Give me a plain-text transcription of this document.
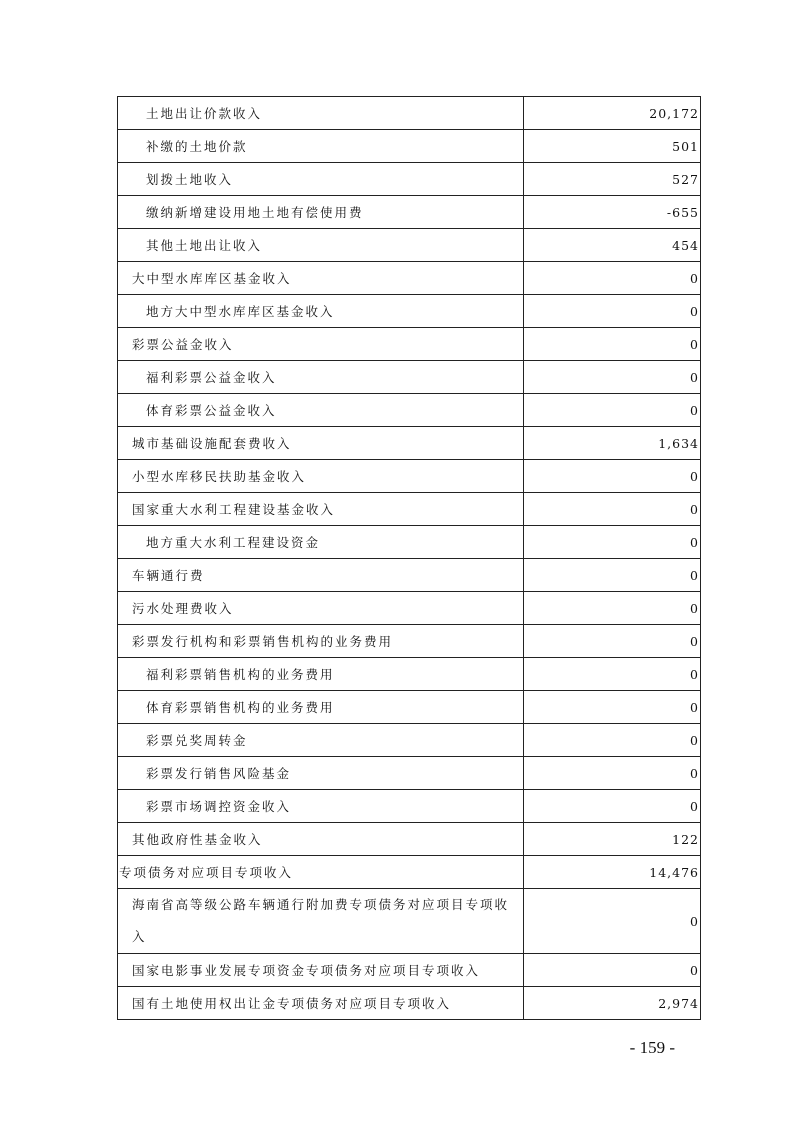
土地出让价款收入	20,172
补缴的土地价款	501
划拨土地收入	527
缴纳新增建设用地土地有偿使用费	-655
其他土地出让收入	454
大中型水库库区基金收入	0
地方大中型水库库区基金收入	0
彩票公益金收入	0
福利彩票公益金收入	0
体育彩票公益金收入	0
城市基础设施配套费收入	1,634
小型水库移民扶助基金收入	0
国家重大水利工程建设基金收入	0
地方重大水利工程建设资金	0
车辆通行费	0
污水处理费收入	0
彩票发行机构和彩票销售机构的业务费用	0
福利彩票销售机构的业务费用	0
体育彩票销售机构的业务费用	0
彩票兑奖周转金	0
彩票发行销售风险基金	0
彩票市场调控资金收入	0
其他政府性基金收入	122
专项债务对应项目专项收入	14,476
海南省高等级公路车辆通行附加费专项债务对应项目专项收入	0
国家电影事业发展专项资金专项债务对应项目专项收入	0
国有土地使用权出让金专项债务对应项目专项收入	2,974
- 159 -
